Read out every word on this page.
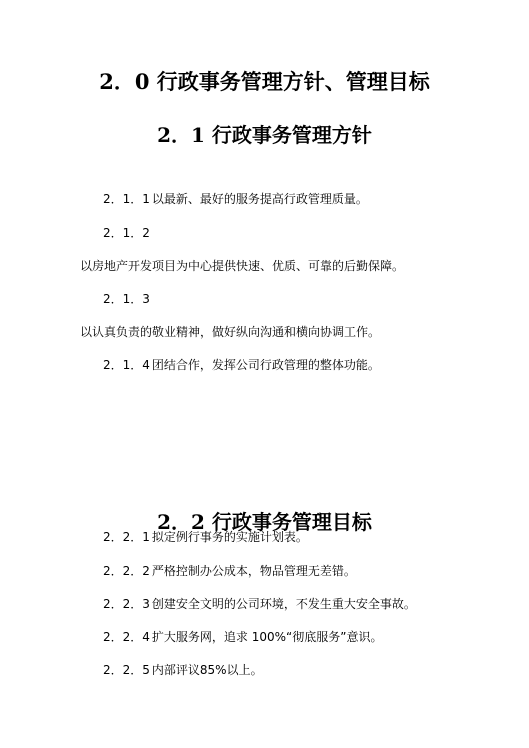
2．0 行政事务管理方针、管理目标
2．1 行政事务管理方针
2．1．1 以最新、最好的服务提高行政管理质量。
2．1．2
以房地产开发项目为中心提供快速、优质、可靠的后勤保障。
2．1．3
以认真负责的敬业精神，做好纵向沟通和横向协调工作。
2．1．4 团结合作，发挥公司行政管理的整体功能。
2．2 行政事务管理目标
2．2．1 拟定例行事务的实施计划表。
2．2．2 严格控制办公成本，物品管理无差错。
2．2．3 创建安全文明的公司环境，不发生重大安全事故。
2．2．4 扩大服务网，追求 100%“彻底服务”意识。
2．2．5 内部评议85%以上。
